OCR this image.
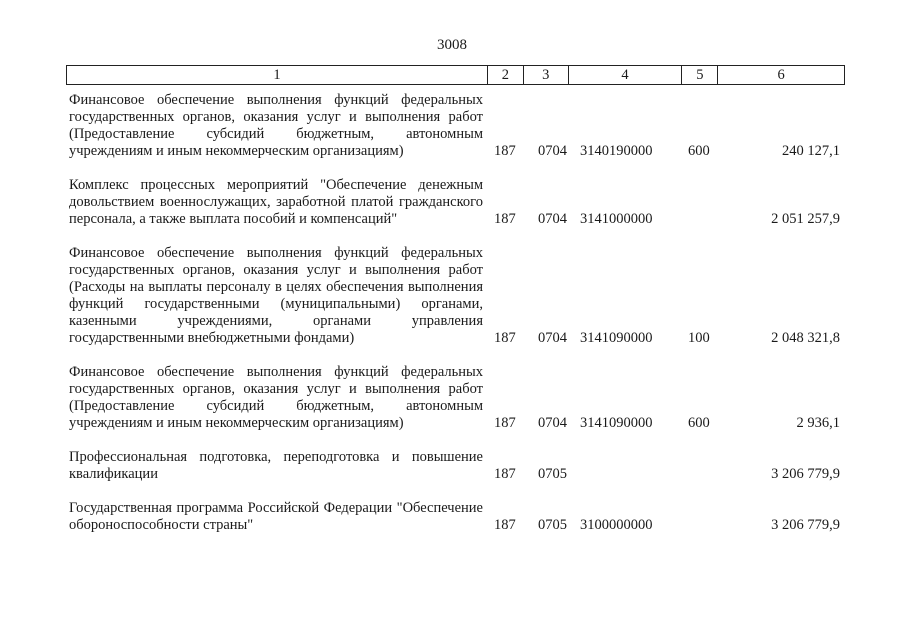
3008
1	2	3	4	5	6
Финансовое обеспечение выполнения функций федеральных государственных органов, оказания услуг и выполнения работ (Предоставление субсидий бюджетным, автономным учреждениям и иным некоммерческим организациям)	187 0704 3140190000 600	240 127,1
Комплекс процессных мероприятий "Обеспечение денежным довольствием военнослужащих, заработной платой гражданского персонала, а также выплата пособий и компенсаций"	187 0704 3141000000	2 051 257,9
Финансовое обеспечение выполнения функций федеральных государственных органов, оказания услуг и выполнения работ (Расходы на выплаты персоналу в целях обеспечения выполнения функций государственными (муниципальными) органами, казенными учреждениями, органами управления государственными внебюджетными фондами)	187 0704 3141090000 100	2 048 321,8
Финансовое обеспечение выполнения функций федеральных государственных органов, оказания услуг и выполнения работ (Предоставление субсидий бюджетным, автономным учреждениям и иным некоммерческим организациям)	187 0704 3141090000 600	2 936,1
Профессиональная подготовка, переподготовка и повышение квалификации	187 0705	3 206 779,9
Государственная программа Российской Федерации "Обеспечение обороноспособности страны"	187 0705 3100000000	3 206 779,9
